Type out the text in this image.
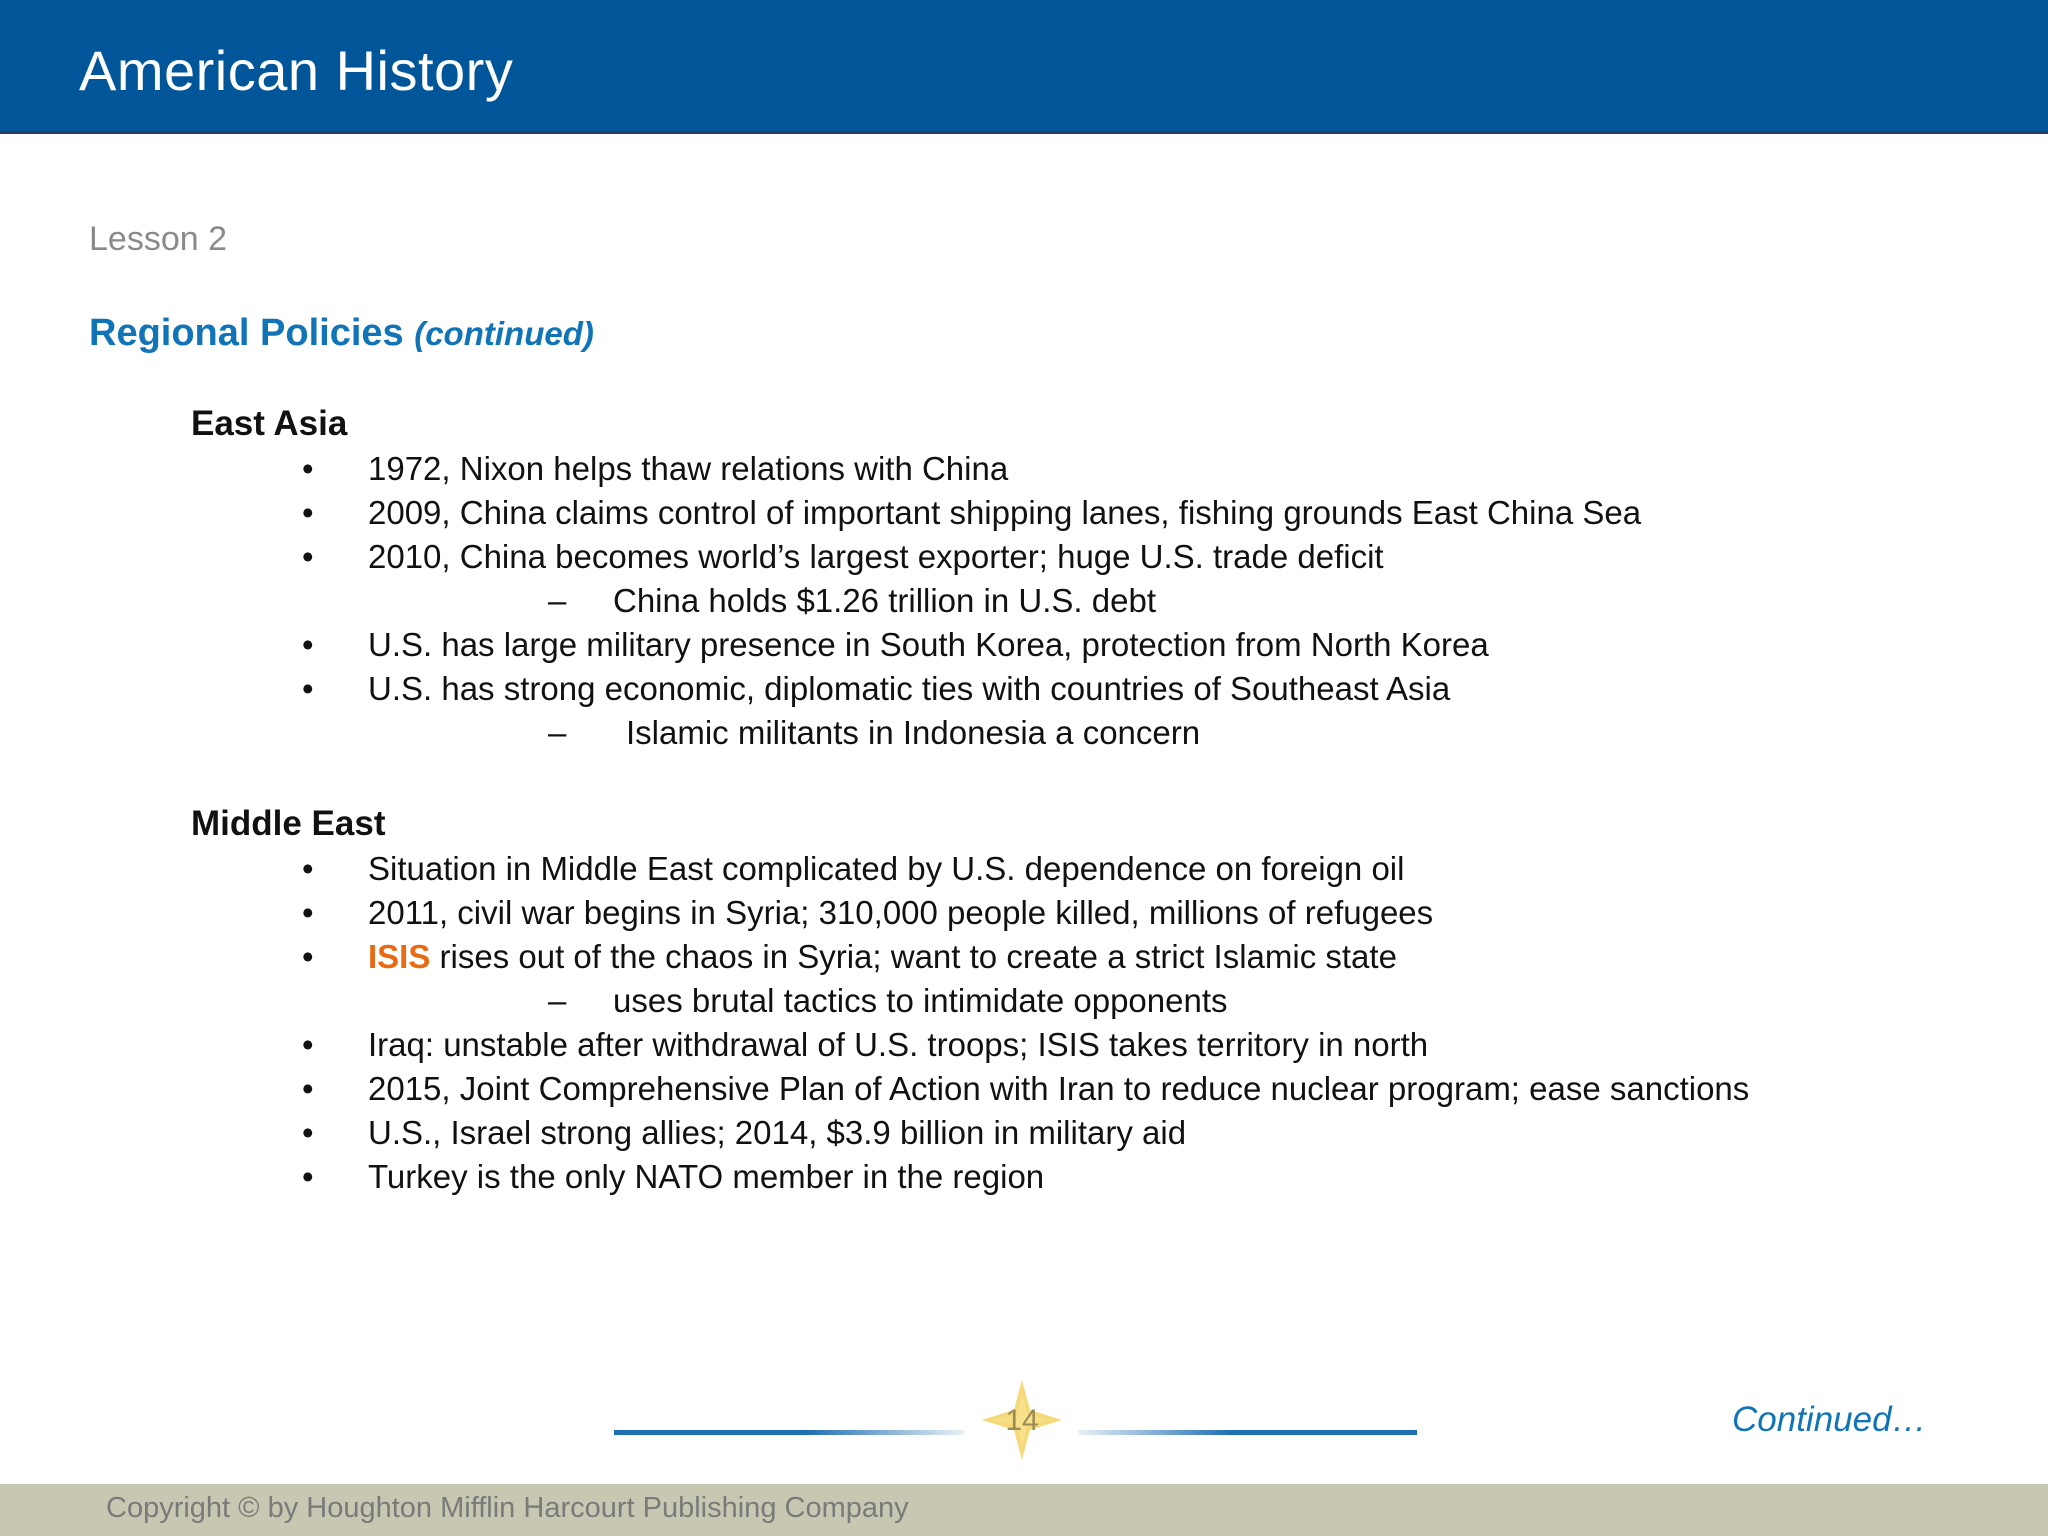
American History
Lesson 2
Regional Policies (continued)
East Asia
• 1972, Nixon helps thaw relations with China
• 2009, China claims control of important shipping lanes, fishing grounds East China Sea
• 2010, China becomes world’s largest exporter; huge U.S. trade deficit
– China holds $1.26 trillion in U.S. debt
• U.S. has large military presence in South Korea, protection from North Korea
• U.S. has strong economic, diplomatic ties with countries of Southeast Asia
– Islamic militants in Indonesia a concern
Middle East
• Situation in Middle East complicated by U.S. dependence on foreign oil
• 2011, civil war begins in Syria; 310,000 people killed, millions of refugees
• ISIS rises out of the chaos in Syria; want to create a strict Islamic state
– uses brutal tactics to intimidate opponents
• Iraq: unstable after withdrawal of U.S. troops; ISIS takes territory in north
• 2015, Joint Comprehensive Plan of Action with Iran to reduce nuclear program; ease sanctions
• U.S., Israel strong allies; 2014, $3.9 billion in military aid
• Turkey is the only NATO member in the region
14	Continued…
Copyright © by Houghton Mifflin Harcourt Publishing Company
